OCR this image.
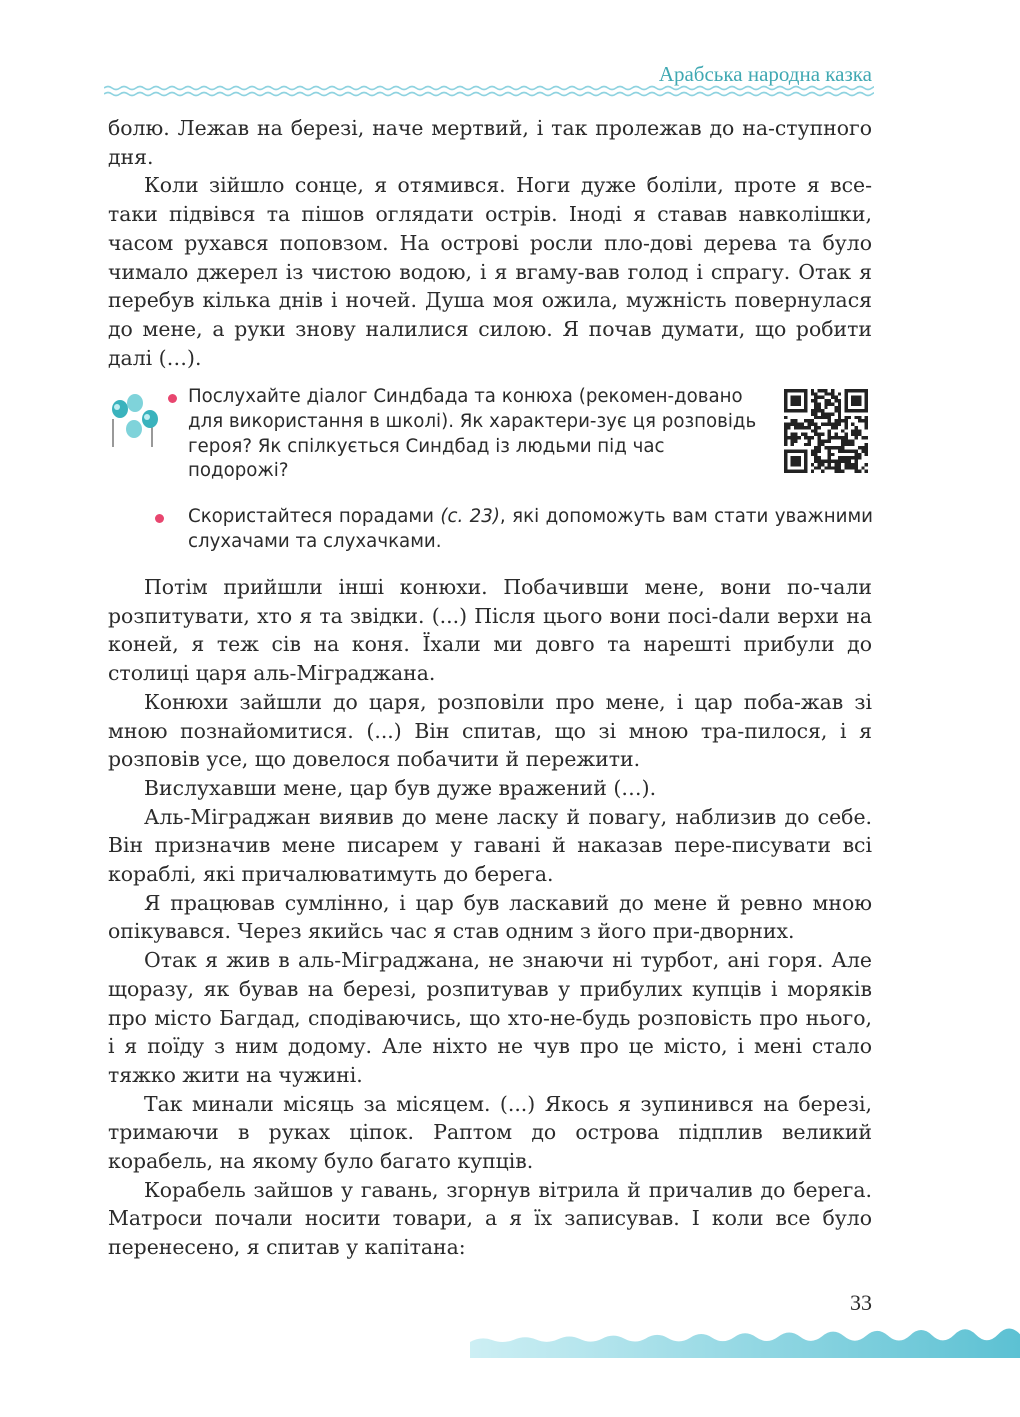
Арабська народна казка

болю. Лежав на березі, наче мертвий, і так пролежав до на-ступного дня.

Коли зійшло сонце, я отямився. Ноги дуже боліли, проте я все-таки підвівся та пішов оглядати острів. Іноді я ставав навколішки, часом рухався поповзом. На острові росли пло-дові дерева та було чимало джерел із чистою водою, і я вгаму-вав голод і спрагу. Отак я перебув кілька днів і ночей. Душа моя ожила, мужність повернулася до мене, а руки знову налилися силою. Я почав думати, що робити далі (…).

Послухайте діалог Синдбада та конюха (рекомен-довано для використання в школі). Як характери-зує ця розповідь героя? Як спілкується Синдбад із людьми під час подорожі?
Скористайтеся порадами (с. 23), які допоможуть вам стати уважними слухачами та слухачками.

Потім прийшли інші конюхи. Побачивши мене, вони по-чали розпитувати, хто я та звідки. (...) Після цього вони посі-dали верхи на коней, я теж сів на коня. Їхали ми довго та нарешті прибули до столиці царя аль-Міграджана.

Конюхи зайшли до царя, розповіли про мене, і цар поба-жав зі мною познайомитися. (...) Він спитав, що зі мною тра-пилося, і я розповів усе, що довелося побачити й пережити.

Вислухавши мене, цар був дуже вражений (…).

Аль-Міграджан виявив до мене ласку й повагу, наблизив до себе. Він призначив мене писарем у гавані й наказав пере-писувати всі кораблі, які причалюватимуть до берега.

Я працював сумлінно, і цар був ласкавий до мене й ревно мною опікувався. Через якийсь час я став одним з його при-дворних.

Отак я жив в аль-Міграджана, не знаючи ні турбот, ані горя. Але щоразу, як бував на березі, розпитував у прибулих купців і моряків про місто Багдад, сподіваючись, що хто-не-будь розповість про нього, і я поїду з ним додому. Але ніхто не чув про це місто, і мені стало тяжко жити на чужині.

Так минали місяць за місяцем. (...) Якось я зупинився на березі, тримаючи в руках ціпок. Раптом до острова підплив великий корабель, на якому було багато купців.

Корабель зайшов у гавань, згорнув вітрила й причалив до берега. Матроси почали носити товари, а я їх записував. І коли все було перенесено, я спитав у капітана:

33
